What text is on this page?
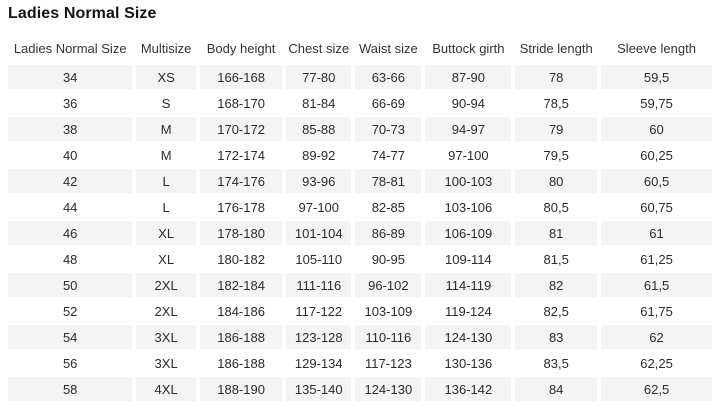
Ladies Normal Size
Ladies Normal Size	Multisize	Body height	Chest size	Waist size	Buttock girth	Stride length	Sleeve length
34	XS	166-168	77-80	63-66	87-90	78	59,5
36	S	168-170	81-84	66-69	90-94	78,5	59,75
38	M	170-172	85-88	70-73	94-97	79	60
40	M	172-174	89-92	74-77	97-100	79,5	60,25
42	L	174-176	93-96	78-81	100-103	80	60,5
44	L	176-178	97-100	82-85	103-106	80,5	60,75
46	XL	178-180	101-104	86-89	106-109	81	61
48	XL	180-182	105-110	90-95	109-114	81,5	61,25
50	2XL	182-184	111-116	96-102	114-119	82	61,5
52	2XL	184-186	117-122	103-109	119-124	82,5	61,75
54	3XL	186-188	123-128	110-116	124-130	83	62
56	3XL	186-188	129-134	117-123	130-136	83,5	62,25
58	4XL	188-190	135-140	124-130	136-142	84	62,5
